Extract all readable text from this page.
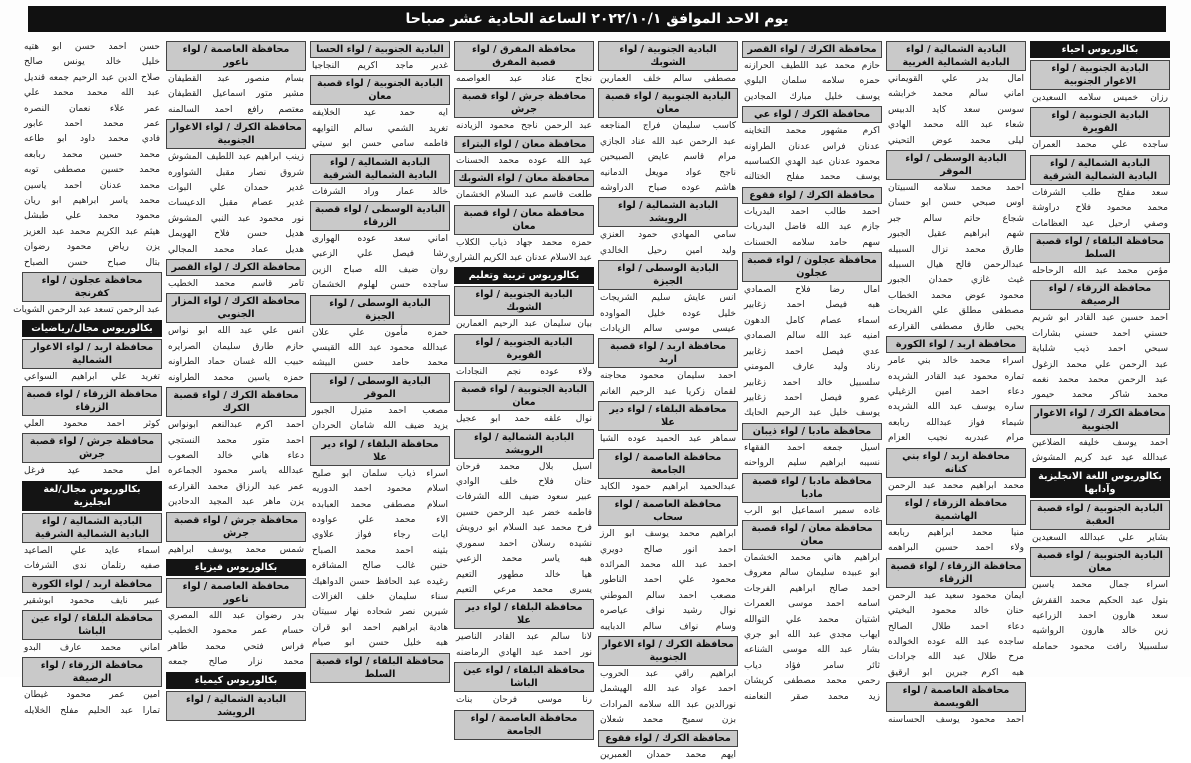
يوم الاحد الموافق ٢٠٢٢/١٠/١ الساعة الحادية عشر صباحا
بكالوريوس احياء
البادية الجنوبية / لواء الاغوار الجنوبية
رزان خميس سلامه السعيدين
البادية الجنوبية / لواء القويرة
ساجده علي محمد العمران
البادية الشمالية / لواء البادية الشمالية الشرقية
سعد مفلح طلب الشرفات
محمد محمود فلاح دراوشة
وصفي ارحيل عيد العظامات
محافظة البلقاء / لواء قصبة السلط
مؤمن محمد عبد الله الرحاحله
محافظة الزرقاء / لواء الرصيفة
احمد حسين عبد القادر ابو شريم
حسني احمد حسني بشارات
سبحي احمد ذيب شلباية
عبد الرحمن علي محمد الزغول
عبد الرحمن محمد محمد نغمه
محمد شاكر محمد حيمور
محافظة الكرك / لواء الاغوار الجنوبية
احمد يوسف خليفه الضلاعين
عبدالله عيد عبد كريم المشوش
بكالوريوس اللغة الانجليزية وآدابها
البادية الجنوبية / لواء قصبة العقبة
بشاير علي عبدالله السعيدين
البادية الجنوبية / لواء قصبة معان
اسراء جمال محمد ياسين
بتول عبد الحكيم محمد القفرش
سعد هارون احمد الزراعيه
زين خالد هارون الرواشيه
سلسبيلا رافت محمود حمامله
البادية الشمالية / لواء البادية الشمالية الغربية
امال بدر علي القويماني
اماني سالم محمد خرابشه
سوسن سعد كايد الدبيس
شعاء عبد الله محمد الهادي
ليلى محمد عوض التحيني
البادية الوسطى / لواء الموقر
احمد محمد سلامه السبيتان
اوس صبحي حسن ابو حسان
شجاع حاتم سالم جبر
شهم ابراهيم عقيل الجبور
طارق محمد نزال السبيله
عبدالرحمن فالح هيال السبيله
غيث غازي حمدان الجبور
محمود عوض محمد الخطاب
مصطفى مطلق علي الفريحات
يحيى طارق مصطفى القرارعه
محافظة اربد / لواء الكورة
اسراء محمد خالد بني عامر
تماره محمود عبد القادر الشريده
دعاء احمد امين الزغيلي
ساره يوسف عبد الله الشريده
شيماء فواز عبدالله ربابعه
مرام عبدربه نجيب العزام
محافظة اربد / لواء بني كنانه
محمد ابراهيم محمد عبد الرحمن
محافظة الزرقاء / لواء الهاشمية
منيا محمد ابراهيم ربابعه
ولاء احمد حسين البراهمه
محافظة الزرقاء / لواء قصبة الزرقاء
ايمان محمود سعيد عبد الرحمن
حنان خالد محمود البخيتي
دعاء احمد طلال الصالح
ساجده عبد الله عوده الخوالده
مرح طلال عبد الله جرادات
هبه اكرم جبرين ابو ارقيق
محافظة العاصمة / لواء القويسمة
احمد محمود يوسف الحساسنه
محافظة الكرك / لواء القصر
حازم محمد عبد اللطيف الحرازنه
حمزه سلامه سلمان البلوي
يوسف خليل مبارك المجادين
محافظة الكرك / لواء عي
اكرم مشهور محمد التخاينه
عدنان فراس عدنان الطراونه
محمود عدنان عبد الهدي الكساسبه
يوسف محمد مفلح الختالنه
محافظة الكرك / لواء فقوع
احمد طالب احمد البدريات
جازم عبد الله فاضل البدريات
سهم حامد سلامه الحسنات
محافظة عجلون / لواء قصبة عجلون
امال رضا فلاح الصمادي
هبه فيصل احمد زغابير
اسماء عصام كامل الدهون
امنيه عبد الله سالم الصمادي
عدي فيصل احمد زغابير
رناد وليد عارف المومني
سلسبيل خالد احمد زغابير
عمرو فيصل احمد زغابير
يوسف خليل عبد الرحيم الحايك
محافظة مادبا / لواء ذيبان
اسيل جمعه احمد الفقهاء
نسيبه ابراهيم سليم الرواحنه
محافظة مادبا / لواء قصبة مادبا
غاده سمير اسماعيل ابو الرب
محافظة معان / لواء قصبة معان
ابراهيم هاني محمد الخشمان
ابو عبيده سليمان سالم معروف
احمد صالح ابراهيم الفرجات
اسامه احمد موسى العمرات
اشتيان محمد علي التوالله
ايهاب مجدي عبد الله ابو جري
بشار عبد الله موسى الشناعه
ثائر سامر فؤاد دياب
رحمي محمد مصطفى كريشان
زيد محمد صقر النعامنه
البادية الجنوبية / لواء الشوبك
مصطفى سالم خلف العمارين
البادية الجنوبية / لواء قصبة معان
كاسب سليمان فراج المناجعه
عبد الرحمن عبد الله عناد الجازي
مرام قاسم عايض الصبيحين
ناجح عواد مويعل الدمانيه
هاشم عوده صياح الدراوشه
البادية الشمالية / لواء الرويشد
سامي المهادي حمود العنزي
وليد امين رحيل الخالدي
البادية الوسطى / لواء الجيزة
انس عايش سليم الشريجات
خليل عوده خليل المواوده
عيسى موسى سالم الزيادات
محافظة اربد / لواء قصبة اربد
احمد سليمان محمود محاجنه
لقمان زكريا عبد الرحيم الغانم
محافظة البلقاء / لواء دير علا
سماهر عبد الحميد عوده الشيا
محافظة العاصمة / لواء الجامعة
عبدالحميد ابراهيم حمود الكايد
محافظة العاصمة / لواء سحاب
ابراهيم محمد يوسف ابو الرز
احمد انور صالح دويري
احمد عبد الله محمد المرائده
محمود علي احمد الناطور
مصعب احمد سالم الموطني
نوال رشيد نواف عياصره
وسام نواف سالم الدبايبه
محافظة الكرك / لواء الاغوار الجنوبية
ابراهيم راقي عبد الحروب
احمد عواد عبد الله الهيشمل
نورالدين عبد الله سلامه المرادات
بزن سميح محمد شعلان
محافظة الكرك / لواء فقوع
ايهم محمد حمدان العمبرين
محافظة المفرق / لواء قصبة المفرق
نجاح عناد عبد العواصمه
محافظة جرش / لواء قصبة جرش
عبد الرحمن ناجح محمود الزيادنه
محافظة معان / لواء البتراء
عيد الله عوده محمد الحسنات
محافظة معان / لواء الشوبك
طلعت قاسم عبد السلام الخشمان
محافظة معان / لواء قصبة معان
حمزه محمد جهاد ذياب الكلاب
عبد الاسلام عدنان عبد الكريم الشراري
بكالوريوس تربية وتعليم
البادية الجنوبية / لواء الشوبك
بيان سليمان عبد الرحيم العمارين
البادية الجنوبية / لواء القويرة
ولاء عوده نجم النجادات
البادية الجنوبية / لواء قصبة معان
نوال علقه حمد ابو عجيل
البادية الشمالية / لواء الرويشد
اسيل بلال محمد فرحان
حنان فلاح خلف الوادي
عبير سعود ضيف الله الشرفات
فاطمه خضر عبد الرحمن حسين
فرح محمد عبد السلام ابو درويش
نشيده رسلان احمد سموري
هبه ياسر محمد الزعبي
هيا خالد مطهور التعيم
يسرى محمد مرعي التعيم
محافظة البلقاء / لواء دير علا
لانا سالم عبد القادر الناصير
نور احمد عبد الهادي الرماضنه
محافظة البلقاء / لواء عين الباشا
رنا موسى فرحان بنات
محافظة العاصمة / لواء الجامعة
البادية الجنوبية / لواء الحسا
غدير ماجد اكريم النجاجيا
البادية الجنوبية / لواء قصبة معان
ايه حمد عيد الخلايفه
تغريد الشمي سالم التوايهه
فاطمه سامي حسن ابو سيتي
البادية الشمالية / لواء البادية الشمالية الشرقية
خالد عمار وراد الشرفات
البادية الوسطى / لواء قصبة الزرقاء
اماني سعد عوده الهوارى
رشا فيصل علي الزعبي
روان ضيف الله صباح الزين
ساجده حسن لهلوم الخشمان
البادية الوسطى / لواء الجيزة
حمزه مأمون علي علان
عبدالله محمود عبد الله القيسي
محمد حامد حسن البيشه
البادية الوسطى / لواء الموقر
مصعب احمد متيزل الجبور
يزيد ضيف الله شامان الحردان
محافظة البلقاء / لواء دير علا
اسراء ذياب سلمان ابو صليح
اسلام محمود احمد الدوريه
اسلام مصطفى محمد العبابده
الاء محمد علي عواوده
ايات رجاء فواز علاوي
بثينه احمد محمد الصباح
حنين غالب صالح المشاقره
رغيده عبد الحافظ حسن الدواهيك
سناء سليمان خلف الغزالات
شيرين نصر شحاده نهار سبيتان
هادية ابراهيم احمد ابو قران
هبه خليل حسن ابو صيام
محافظة البلقاء / لواء قصبة السلط
محافظة العاصمة / لواء ناعور
بسام منصور عبد القطيفان
مشير متور اسماعيل القطيفان
معتصم رافع احمد السالمنه
محافظة الكرك / لواء الاغوار الجنوبية
زينب ابراهيم عبد اللطيف المشوش
شروق نصار مقبل الشواوره
غدير حمدان علي البوات
غدير عصام مقبل الدعيسات
نور محمود عبد النبي المشوش
هديل حسن فلاح الهويمل
هديل عماد محمد المجالي
محافظة الكرك / لواء القصر
تامر قاسم محمد الخطيب
محافظة الكرك / لواء المزار الجنوبي
انس علي عبد الله ابو نواس
حازم طارق سليمان الصرايره
حبيب الله غسان حماد الطراونه
حمزه ياسين محمد الطراونه
محافظة الكرك / لواء قصبة الكرك
احمد اكرم عبدالنعم ابونواس
احمد متور محمد النستجي
دعاء هاني خالد الصعوب
عبدالله ياسر محمود الجماعره
عمر عبد الرزاق محمد القرارعه
يزن ماهر عبد المجيد الدحادين
محافظة جرش / لواء قصبة جرش
شمس محمد يوسف ابراهيم
بكالوريوس فيزياء
محافظة العاصمة / لواء ناعور
بدر رضوان عبد الله المصري
حسام عمر محمود الخطيب
فراس فتحي محمد طاهر
محمد نزار صالح جمعه
بكالوريوس كيمياء
البادية الشمالية / لواء الرويشد
حسن احمد حسن ابو هتيه
خليل خالد يونس صالح
صلاح الدين عبد الرحيم جمعه قنديل
عبد الله محمد محمد علي
عمر علاء نعمان النصره
عمر محمد احمد عابور
فادي محمد داود ابو طاعه
محمد حسين محمد ربابعه
محمد حسين مصطفى توبه
محمد عدنان احمد ياسين
محمد ياسر ابراهيم ابو ريان
محمود محمد علي طبشل
هيثم عبد الكريم محمد عبد العزيز
يزن رياض محمود رضوان
بتال صباح حسن الصباح
محافظة عجلون / لواء كفرنجة
عبد الرحمن تسعد عبد الرحمن الشويات
بكالوريوس مجال/رياضيات
محافظة اربد / لواء الاغوار الشمالية
تغريد علي ابراهيم السواعي
محافظة الزرقاء / لواء قصبة الزرقاء
كوثر احمد محمود العلي
محافظة جرش / لواء قصبة جرش
امل محمد عيد فرغل
بكالوريوس مجال/لغة انجليزية
البادية الشمالية / لواء البادية الشمالية الشرقية
اسماء عايد علي الصاعيد
صفيه رتلمان ندى الشرفات
محافظة اربد / لواء الكورة
عبير نايف محمود ابوشقير
محافظة البلقاء / لواء عين الباشا
اماني محمد عارف البدو
محافظة الزرقاء / لواء الرصيفة
امين عمر محمود غيطان
تمارا عبد الحليم مفلح الخلايله
